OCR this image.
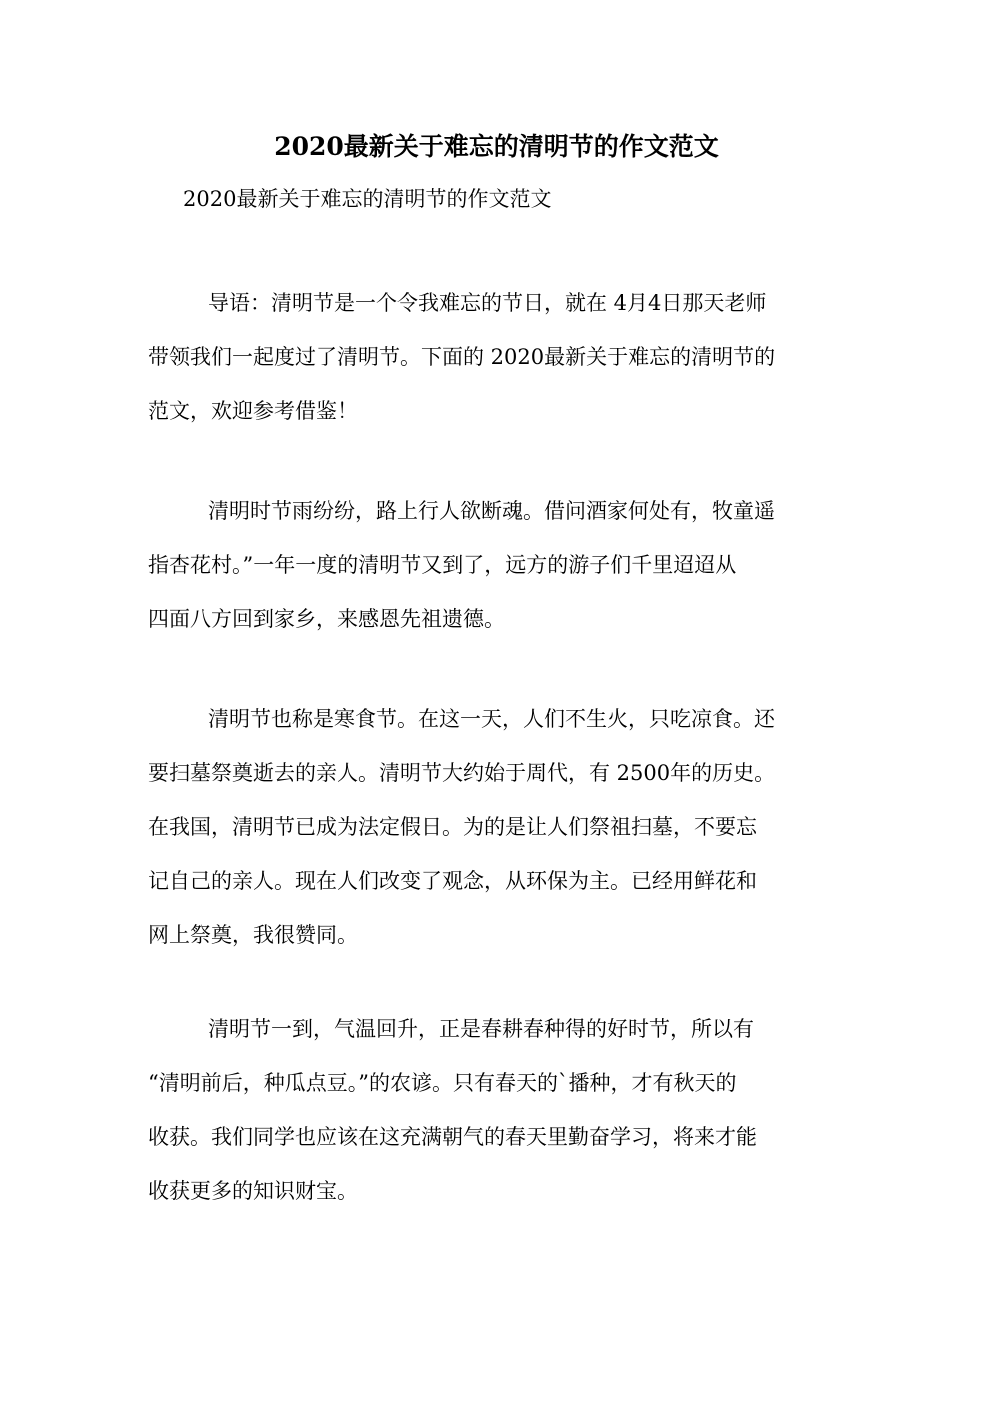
2020最新关于难忘的清明节的作文范文
2020最新关于难忘的清明节的作文范文
导语：清明节是一个令我难忘的节日，就在 4月4日那天老师
带领我们一起度过了清明节。下面的 2020最新关于难忘的清明节的
范文，欢迎参考借鉴！
清明时节雨纷纷，路上行人欲断魂。借问酒家何处有，牧童遥
指杏花村。”一年一度的清明节又到了，远方的游子们千里迢迢从
四面八方回到家乡，来感恩先祖遗德。
清明节也称是寒食节。在这一天，人们不生火，只吃凉食。还
要扫墓祭奠逝去的亲人。清明节大约始于周代，有 2500年的历史。
在我国，清明节已成为法定假日。为的是让人们祭祖扫墓，不要忘
记自己的亲人。现在人们改变了观念，从环保为主。已经用鲜花和
网上祭奠，我很赞同。
清明节一到，气温回升，正是春耕春种得的好时节，所以有
“清明前后，种瓜点豆。”的农谚。只有春天的`播种，才有秋天的
收获。我们同学也应该在这充满朝气的春天里勤奋学习，将来才能
收获更多的知识财宝。
